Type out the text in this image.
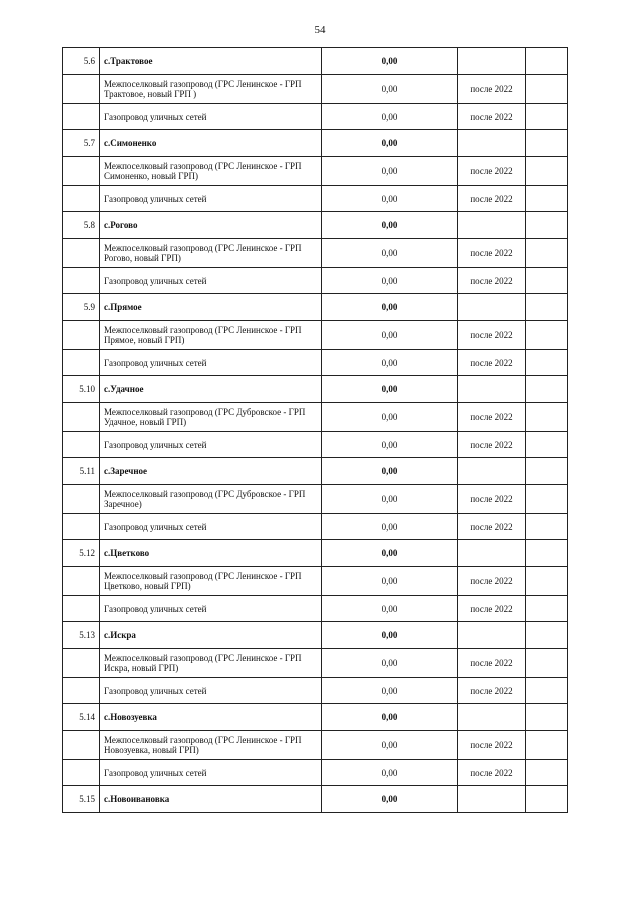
54
5.6	с.Трактовое	0,00		
	Межпоселковый газопровод (ГРС Ленинское - ГРП Трактовое, новый ГРП )	0,00	после 2022	
	Газопровод уличных сетей	0,00	после 2022	
5.7	с.Симоненко	0,00		
	Межпоселковый газопровод (ГРС Ленинское - ГРП Симоненко, новый ГРП)	0,00	после 2022	
	Газопровод уличных сетей	0,00	после 2022	
5.8	с.Рогово	0,00		
	Межпоселковый газопровод (ГРС Ленинское - ГРП Рогово, новый ГРП)	0,00	после 2022	
	Газопровод уличных сетей	0,00	после 2022	
5.9	с.Прямое	0,00		
	Межпоселковый газопровод (ГРС Ленинское - ГРП Прямое, новый ГРП)	0,00	после 2022	
	Газопровод уличных сетей	0,00	после 2022	
5.10	с.Удачное	0,00		
	Межпоселковый газопровод (ГРС Дубровское - ГРП Удачное, новый ГРП)	0,00	после 2022	
	Газопровод уличных сетей	0,00	после 2022	
5.11	с.Заречное	0,00		
	Межпоселковый газопровод (ГРС Дубровское - ГРП Заречное)	0,00	после 2022	
	Газопровод уличных сетей	0,00	после 2022	
5.12	с.Цветково	0,00		
	Межпоселковый газопровод (ГРС Ленинское - ГРП Цветково, новый ГРП)	0,00	после 2022	
	Газопровод уличных сетей	0,00	после 2022	
5.13	с.Искра	0,00		
	Межпоселковый газопровод (ГРС Ленинское - ГРП Искра, новый ГРП)	0,00	после 2022	
	Газопровод уличных сетей	0,00	после 2022	
5.14	с.Новозуевка	0,00		
	Межпоселковый газопровод (ГРС Ленинское - ГРП Новозуевка, новый ГРП)	0,00	после 2022	
	Газопровод уличных сетей	0,00	после 2022	
5.15	с.Новоивановка	0,00		
